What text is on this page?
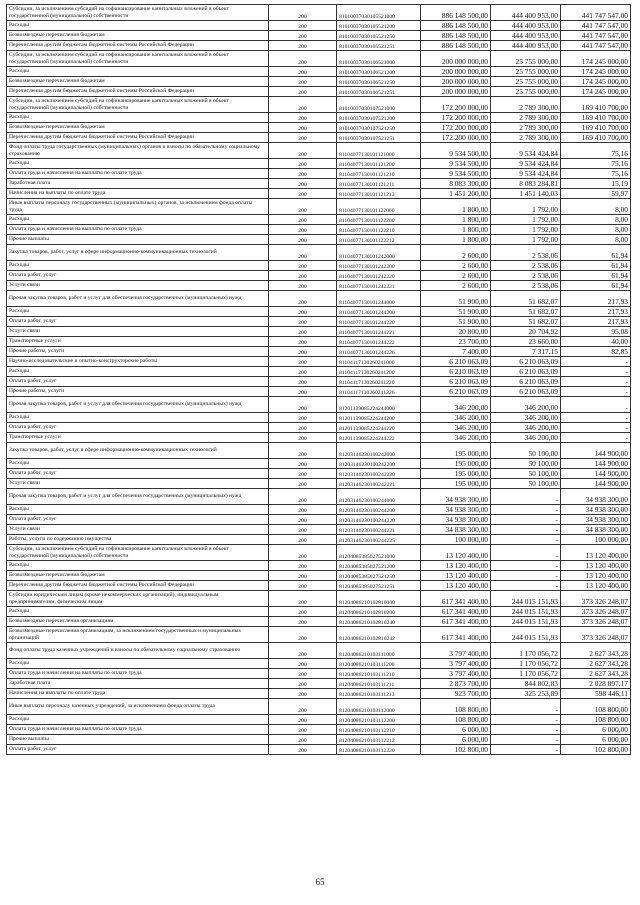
Субсидии, за исключением субсидий на софинансирование капитальных вложений в объект государственной (муниципальной) собственности	200	81010037030105521000	886 148 500,00	444 400 953,00	441 747 547,00
Расходы	200	81010037030105521200	886 148 500,00	444 400 953,00	441 747 547,00
Безвозмездные перечисления бюджетам	200	81010037030105521250	886 148 500,00	444 400 953,00	441 747 547,00
Перечисления другим бюджетам бюджетной системы Российской Федерации	200	81010037030105521251	886 148 500,00	444 400 953,00	441 747 547,00
Субсидии, за исключением субсидий на софинансирование капитальных вложений в объект государственной (муниципальной) собственности	200	81010037030106521000	200 000 000,00	25 755 000,00	174 245 000,00
Расходы	200	81010037030106521200	200 000 000,00	25 755 000,00	174 245 000,00
Безвозмездные перечисления бюджетам	200	81010037030106521250	200 000 000,00	25 755 000,00	174 245 000,00
Перечисления другим бюджетам бюджетной системы Российской Федерации	200	81010037030106521251	200 000 000,00	25 755 000,00	174 245 000,00
Субсидии, за исключением субсидий на софинансирование капитальных вложений в объект государственной (муниципальной) собственности	200	81010037030107521000	172 200 000,00	2 789 300,00	169 410 700,00
Расходы	200	81010037030107521200	172 200 000,00	2 789 300,00	169 410 700,00
Безвозмездные перечисления бюджетам	200	81010037030107521250	172 200 000,00	2 789 300,00	169 410 700,00
Перечисления другим бюджетам бюджетной системы Российской Федерации	200	81010037030107521251	172 200 000,00	2 789 300,00	169 410 700,00
Фонд оплаты труда государственных (муниципальных) органов и взносы по обязательному социальному страхованию	200	81104077130101121000	9 534 500,00	9 534 424,84	75,16
Расходы	200	81104077130101121200	9 534 500,00	9 534 424,84	75,16
Оплата труда и начисления на выплаты по оплате труда	200	81104077130101121210	9 534 500,00	9 534 424,84	75,16
Заработная плата	200	81104077130101121211	8 083 300,00	8 083 284,81	15,19
Начисления на выплаты по оплате труда	200	81104077130101121213	1 451 200,00	1 451 140,03	59,97
Иные выплаты персоналу государственных (муниципальных) органов, за исключением фонда оплаты труда	200	81104077130101122000	1 800,00	1 792,00	8,00
Расходы	200	81104077130101122200	1 800,00	1 792,00	8,00
Оплата труда и начисления на выплаты по оплате труда	200	81104077130101122210	1 800,00	1 792,00	8,00
Прочие выплаты	200	81104077130101122212	1 800,00	1 792,00	8,00
Закупка товаров, работ, услуг в сфере информационно-коммуникационных технологий	200	81104077130101242000	2 600,00	2 538,06	61,94
Расходы	200	81104077130101242200	2 600,00	2 538,06	61,94
Оплата работ, услуг	200	81104077130101242220	2 600,00	2 538,06	61,94
Услуги связи	200	81104077130101242221	2 600,00	2 538,06	61,94
Прочая закупка товаров, работ и услуг для обеспечения государственных (муниципальных) нужд	200	81104077130101244000	51 900,00	51 682,07	217,93
Расходы	200	81104077130101244200	51 900,00	51 682,07	217,93
Оплата работ, услуг	200	81104077130101244220	51 900,00	51 682,07	217,93
Услуги связи	200	81104077130101244221	20 800,00	20 704,92	95,08
Транспортные услуги	200	81104077130101244222	23 700,00	23 660,00	40,00
Прочие работы, услуги	200	81104077130101244226	7 400,00	7 317,15	82,85
Научно-исследовательские и опытно-конструкторские работы	200	81104117130260241000	6 210 063,09	6 210 063,09	-
Расходы	200	81104117130260241200	6 210 063,09	6 210 063,09	-
Оплата работ, услуг	200	81104117130260241220	6 210 063,09	6 210 063,09	-
Прочие работы, услуги	200	81104117130260241226	6 210 063,09	6 210 063,09	-
Прочая закупка товаров, работ и услуг для обеспечения государственных (муниципальных) нужд	200	81201139085224244000	346 200,00	346 200,00	-
Расходы	200	81201139085224244200	346 200,00	346 200,00	-
Оплата работ, услуг	200	81201139085224244220	346 200,00	346 200,00	-
Транспортные услуги	200	81201139085224244222	346 200,00	346 200,00	-
Закупка товаров, работ, услуг в сфере информационно-коммуникационных технологий	200	81203146230100242000	195 000,00	50 100,00	144 900,00
Расходы	200	81203146230100242200	195 000,00	50 100,00	144 900,00
Оплата работ, услуг	200	81203146230100242220	195 000,00	50 100,00	144 900,00
Услуги связи	200	81203146230100242221	195 000,00	50 100,00	144 900,00
Прочая закупка товаров, работ и услуг для обеспечения государственных (муниципальных) нужд	200	81203146230100244000	34 938 300,00	-	34 938 300,00
Расходы	200	81203146230100244200	34 938 300,00	-	34 938 300,00
Оплата работ, услуг	200	81203146230100244220	34 938 300,00	-	34 938 300,00
Услуги связи	200	81203146230100244221	34 838 300,00	-	34 838 300,00
Работы, услуги по содержанию имущества	200	81203146230100244225	100 000,00	-	100 000,00
Субсидии, за исключением субсидий на софинансирование капитальных вложений в объект государственной (муниципальной) собственности	200	81204085385027521000	13 120 400,00	-	13 120 400,00
Расходы	200	81204085385027521200	13 120 400,00	-	13 120 400,00
Безвозмездные перечисления бюджетам	200	81204085385027521250	13 120 400,00	-	13 120 400,00
Перечисления другим бюджетам бюджетной системы Российской Федерации	200	81204085385027521251	13 120 400,00	-	13 120 400,00
Субсидии юридическим лицам (кроме некоммерческих организаций), индивидуальным предпринимателям, физическим лицам	200	81204086210102810000	617 341 400,00	244 015 151,93	373 326 248,07
Расходы	200	81204086210102810200	617 341 400,00	244 015 151,93	373 326 248,07
Безвозмездные перечисления организациям	200	81204086210102810240	617 341 400,00	244 015 151,93	373 326 248,07
Безвозмездные перечисления организациям, за исключением государственных и муниципальных организаций	200	81204086210102810242	617 341 400,00	244 015 151,93	373 326 248,07
Фонд оплаты труда казенных учреждений и взносы по обязательному социальному страхованию	200	81204086210103111000	3 797 400,00	1 170 056,72	2 627 343,28
Расходы	200	81204086210103111200	3 797 400,00	1 170 056,72	2 627 343,28
Оплата труда и начисления на выплаты по оплате труда	200	81204086210103111210	3 797 400,00	1 170 056,72	2 627 343,28
Заработная плата	200	81204086210103111211	2 873 700,00	844 802,83	2 028 897,17
Начисления на выплаты по оплате труда	200	81204086210103111213	923 700,00	325 253,89	598 446,11
Иные выплаты персоналу казенных учреждений, за исключением фонда оплаты труда	200	81204086210103112000	108 800,00	-	108 800,00
Расходы	200	81204086210103112200	108 800,00	-	108 800,00
Оплата труда и начисления на выплаты по оплате труда	200	81204086210103112210	6 000,00	-	6 000,00
Прочие выплаты	200	81204086210103112212	6 000,00	-	6 000,00
Оплата работ, услуг	200	81204086210103112220	102 800,00	-	102 800,00
65
